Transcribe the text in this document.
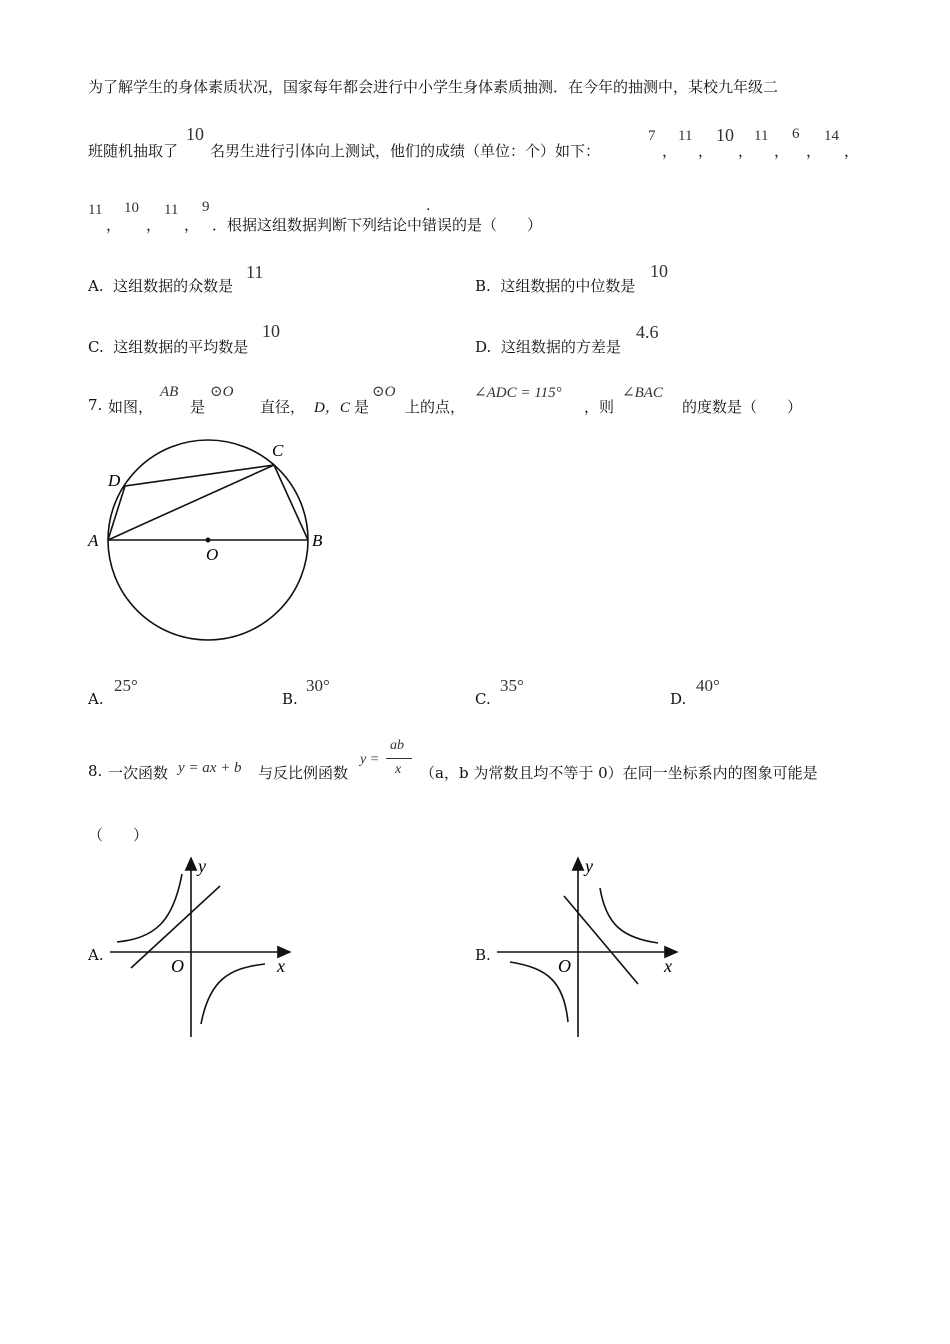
为了解学生的身体素质状况，国家每年都会进行中小学生身体素质抽测．在今年的抽测中，某校九年级二
班随机抽取了
10
名男生进行引体向上测试，他们的成绩（单位：个）如下：
7
，
11
，
10
，
11
，
6
，
14
，
11
，
10
，
11
，
9
．根据这组数据判断下列结论中错误的是（　　）
A. 这组数据的众数是
11
B. 这组数据的中位数是
10
C. 这组数据的平均数是
10
D. 这组数据的方差是
4.6
7. 如图，
AB
是
⊙O
直径， D，C 是
⊙O
上的点，
∠ADC = 115°
，则
∠BAC
的度数是（　　）
A	B
C
D
O
A.
25°
B.
30°
C.
35°
D.
40°
8. 一次函数 y = ax + b 与反比例函数
y =
ab
x （a，b 为常数且均不等于 0）在同一坐标系内的图象可能是
（　　）
A.
y
x
O
B.
y
x
O
